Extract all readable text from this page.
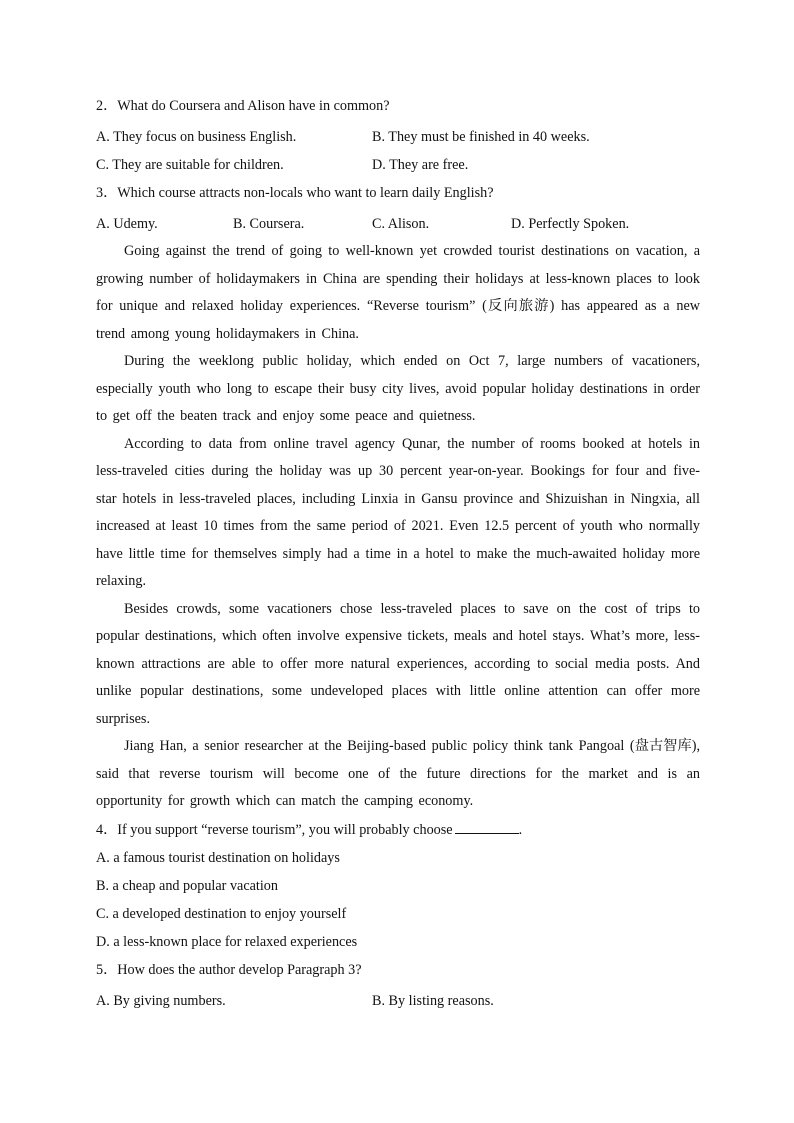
2．What do Coursera and Alison have in common?
A. They focus on business English.	B. They must be finished in 40 weeks.
C. They are suitable for children.	D. They are free.
3．Which course attracts non-locals who want to learn daily English?
A. Udemy.	B. Coursera.	C. Alison.	D. Perfectly Spoken.

Going against the trend of going to well-known yet crowded tourist destinations on vacation, a growing number of holidaymakers in China are spending their holidays at less-known places to look for unique and relaxed holiday experiences. “Reverse tourism” (反向旅游) has appeared as a new trend among young holidaymakers in China.

During the weeklong public holiday, which ended on Oct 7, large numbers of vacationers, especially youth who long to escape their busy city lives, avoid popular holiday destinations in order to get off the beaten track and enjoy some peace and quietness.

According to data from online travel agency Qunar, the number of rooms booked at hotels in less-traveled cities during the holiday was up 30 percent year-on-year. Bookings for four and five-star hotels in less-traveled places, including Linxia in Gansu province and Shizuishan in Ningxia, all increased at least 10 times from the same period of 2021. Even 12.5 percent of youth who normally have little time for themselves simply had a time in a hotel to make the much-awaited holiday more relaxing.

Besides crowds, some vacationers chose less-traveled places to save on the cost of trips to popular destinations, which often involve expensive tickets, meals and hotel stays. What’s more, less-known attractions are able to offer more natural experiences, according to social media posts. And unlike popular destinations, some undeveloped places with little online attention can offer more surprises.

Jiang Han, a senior researcher at the Beijing-based public policy think tank Pangoal (盘古智库), said that reverse tourism will become one of the future directions for the market and is an opportunity for growth which can match the camping economy.

4．If you support “reverse tourism”, you will probably choose	.
A. a famous tourist destination on holidays
B. a cheap and popular vacation
C. a developed destination to enjoy yourself
D. a less-known place for relaxed experiences
5．How does the author develop Paragraph 3?
A. By giving numbers.	B. By listing reasons.
